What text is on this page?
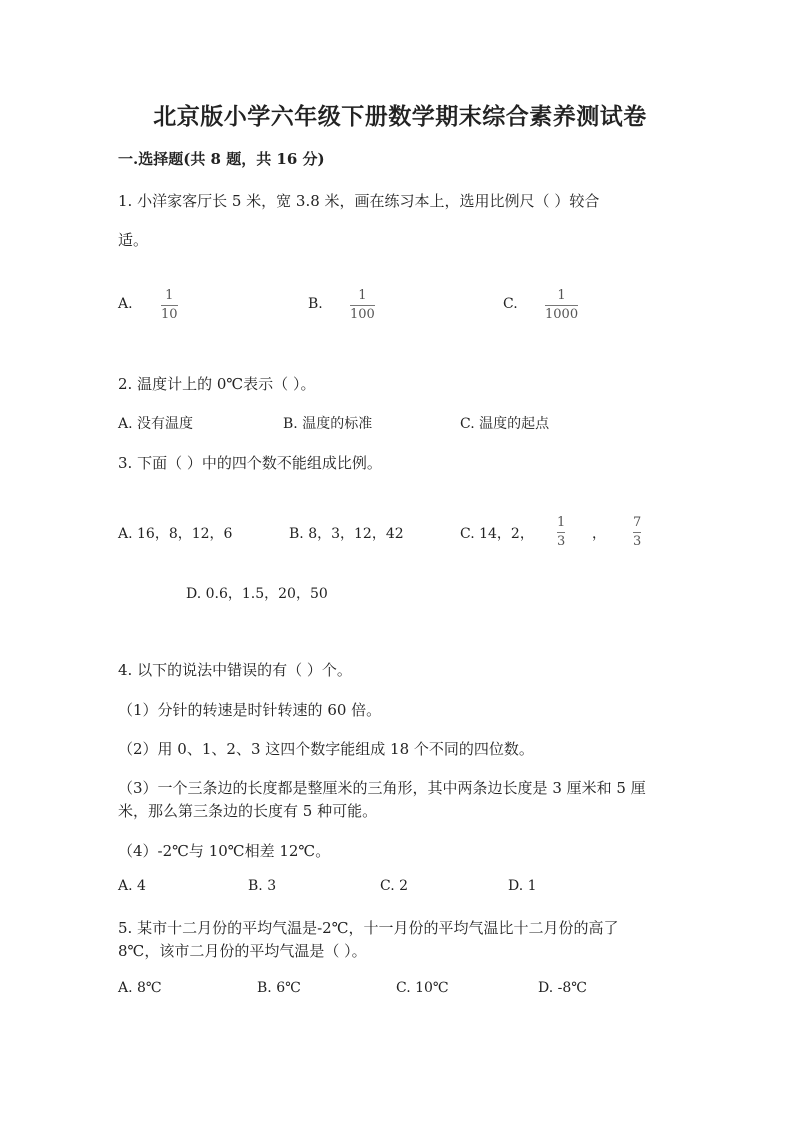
北京版小学六年级下册数学期末综合素养测试卷
一.选择题(共 8 题，共 16 分)
1. 小洋家客厅长 5 米，宽 3.8 米，画在练习本上，选用比例尺（ ）较合
适。
A.
1
10
B.
1
100
C.
1
1000
2. 温度计上的 0℃表示（ ）。
A. 没有温度	B. 温度的标准	C. 温度的起点
3. 下面（ ）中的四个数不能组成比例。
A. 16，8，12，6	B. 8，3，12，42	C. 14，2，
1
3 ，
7
3
D. 0.6，1.5，20，50
4. 以下的说法中错误的有（ ）个。
（1）分针的转速是时针转速的 60 倍。
（2）用 0、1、2、3 这四个数字能组成 18 个不同的四位数。
（3）一个三条边的长度都是整厘米的三角形，其中两条边长度是 3 厘米和 5 厘
米，那么第三条边的长度有 5 种可能。
（4）-2℃与 10℃相差 12℃。
A. 4	B. 3	C. 2	D. 1
5. 某市十二月份的平均气温是-2℃，十一月份的平均气温比十二月份的高了
8℃，该市二月份的平均气温是（ ）。
A. 8℃	B. 6℃	C. 10℃	D. -8℃
